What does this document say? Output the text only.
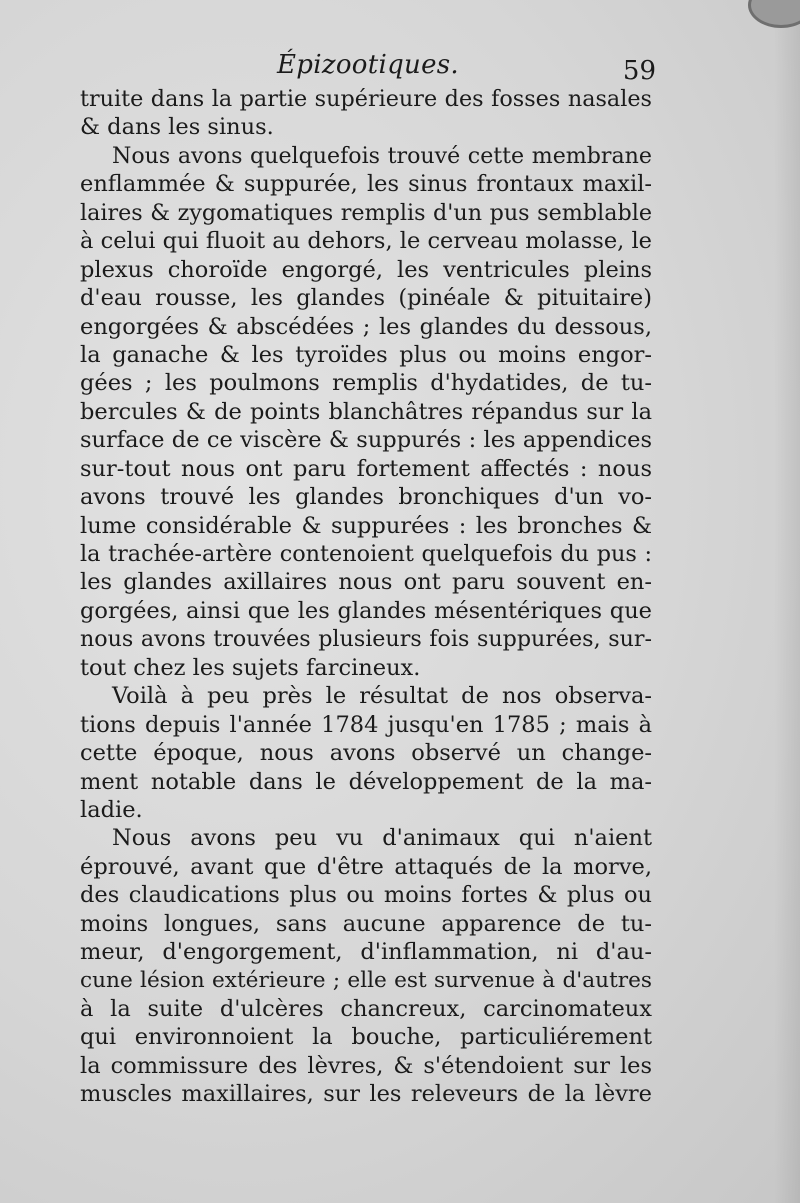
Épizootiques.	59
truite dans la partie supérieure des fosses nasales
& dans les sinus.
Nous avons quelquefois trouvé cette membrane
enflammée & suppurée, les sinus frontaux maxil-
laires & zygomatiques remplis d'un pus semblable
à celui qui fluoit au dehors, le cerveau molasse, le
plexus choroïde engorgé, les ventricules pleins
d'eau rousse, les glandes (pinéale & pituitaire)
engorgées & abscédées ; les glandes du dessous,
la ganache & les tyroïdes plus ou moins engor-
gées ; les poulmons remplis d'hydatides, de tu-
bercules & de points blanchâtres répandus sur la
surface de ce viscère & suppurés : les appendices
sur-tout nous ont paru fortement affectés : nous
avons trouvé les glandes bronchiques d'un vo-
lume considérable & suppurées : les bronches &
la trachée-artère contenoient quelquefois du pus :
les glandes axillaires nous ont paru souvent en-
gorgées, ainsi que les glandes mésentériques que
nous avons trouvées plusieurs fois suppurées, sur-
tout chez les sujets farcineux.
Voilà à peu près le résultat de nos observa-
tions depuis l'année 1784 jusqu'en 1785 ; mais à
cette époque, nous avons observé un change-
ment notable dans le développement de la ma-
ladie.
Nous avons peu vu d'animaux qui n'aient
éprouvé, avant que d'être attaqués de la morve,
des claudications plus ou moins fortes & plus ou
moins longues, sans aucune apparence de tu-
meur, d'engorgement, d'inflammation, ni d'au-
cune lésion extérieure ; elle est survenue à d'autres
à la suite d'ulcères chancreux, carcinomateux
qui environnoient la bouche, particuliérement
la commissure des lèvres, & s'étendoient sur les
muscles maxillaires, sur les releveurs de la lèvre
